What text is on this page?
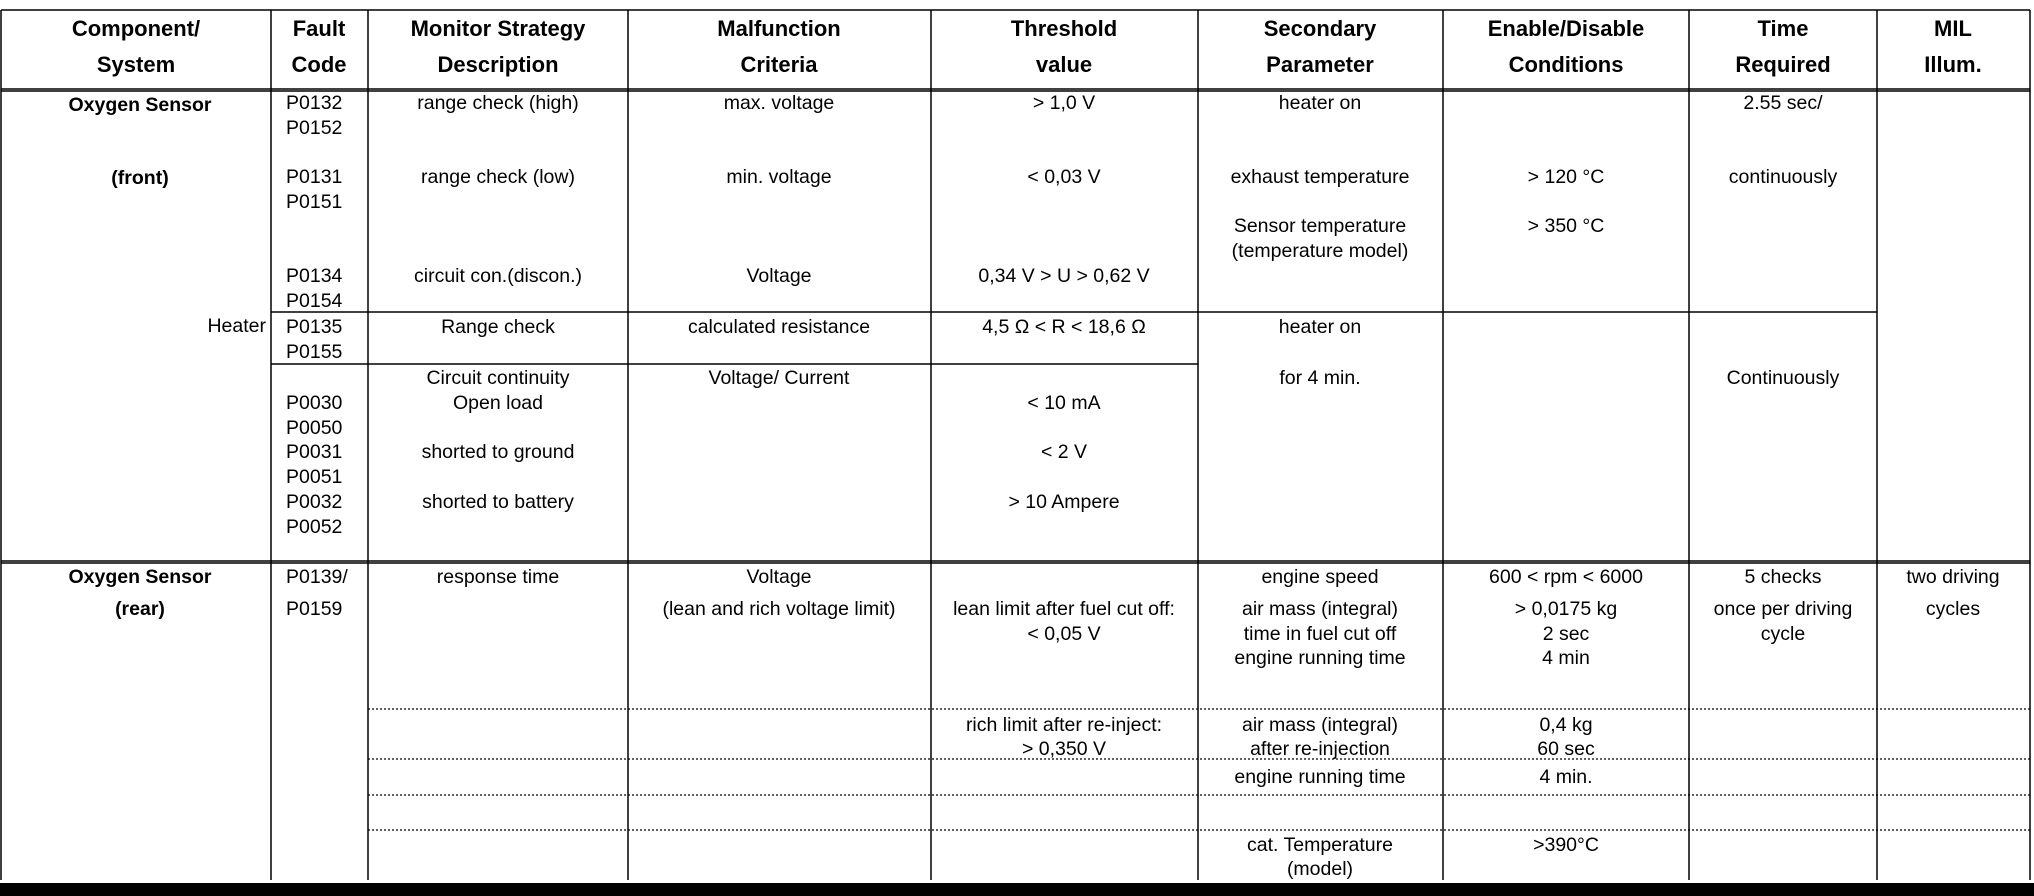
Component/
System
Fault
Code
Monitor Strategy
Description
Malfunction
Criteria
Threshold
value
Secondary
Parameter
Enable/Disable
Conditions
Time
Required
MIL
Illum.
Oxygen Sensor
(front)
Heater
P0132
P0152
P0131
P0151
P0134
P0154
P0135
P0155
P0030
P0050
P0031
P0051
P0032
P0052
range check (high)
range check (low)
circuit con.(discon.)
Range check
Circuit continuity
Open load
shorted to ground
shorted to battery
max. voltage
min. voltage
Voltage
calculated resistance
Voltage/ Current
> 1,0 V
< 0,03 V
0,34 V > U > 0,62 V
4,5 Ω < R < 18,6 Ω
< 10 mA
< 2 V
> 10 Ampere
heater on
exhaust temperature
Sensor temperature
(temperature model)
heater on
for 4 min.
> 120 °C
> 350 °C
2.55 sec/
continuously
Continuously
Oxygen Sensor
(rear)
P0139/
P0159
response time	Voltage
(lean and rich voltage limit)	lean limit after fuel cut off:
< 0,05 V
rich limit after re-inject:
> 0,350 V
engine speed
air mass (integral)
time in fuel cut off
engine running time
air mass (integral)
after re-injection
engine running time
cat. Temperature
(model)
600 < rpm < 6000
> 0,0175 kg
2 sec
4 min
0,4 kg
60 sec
4 min.
>390°C
5 checks
once per driving
cycle
two driving
cycles
